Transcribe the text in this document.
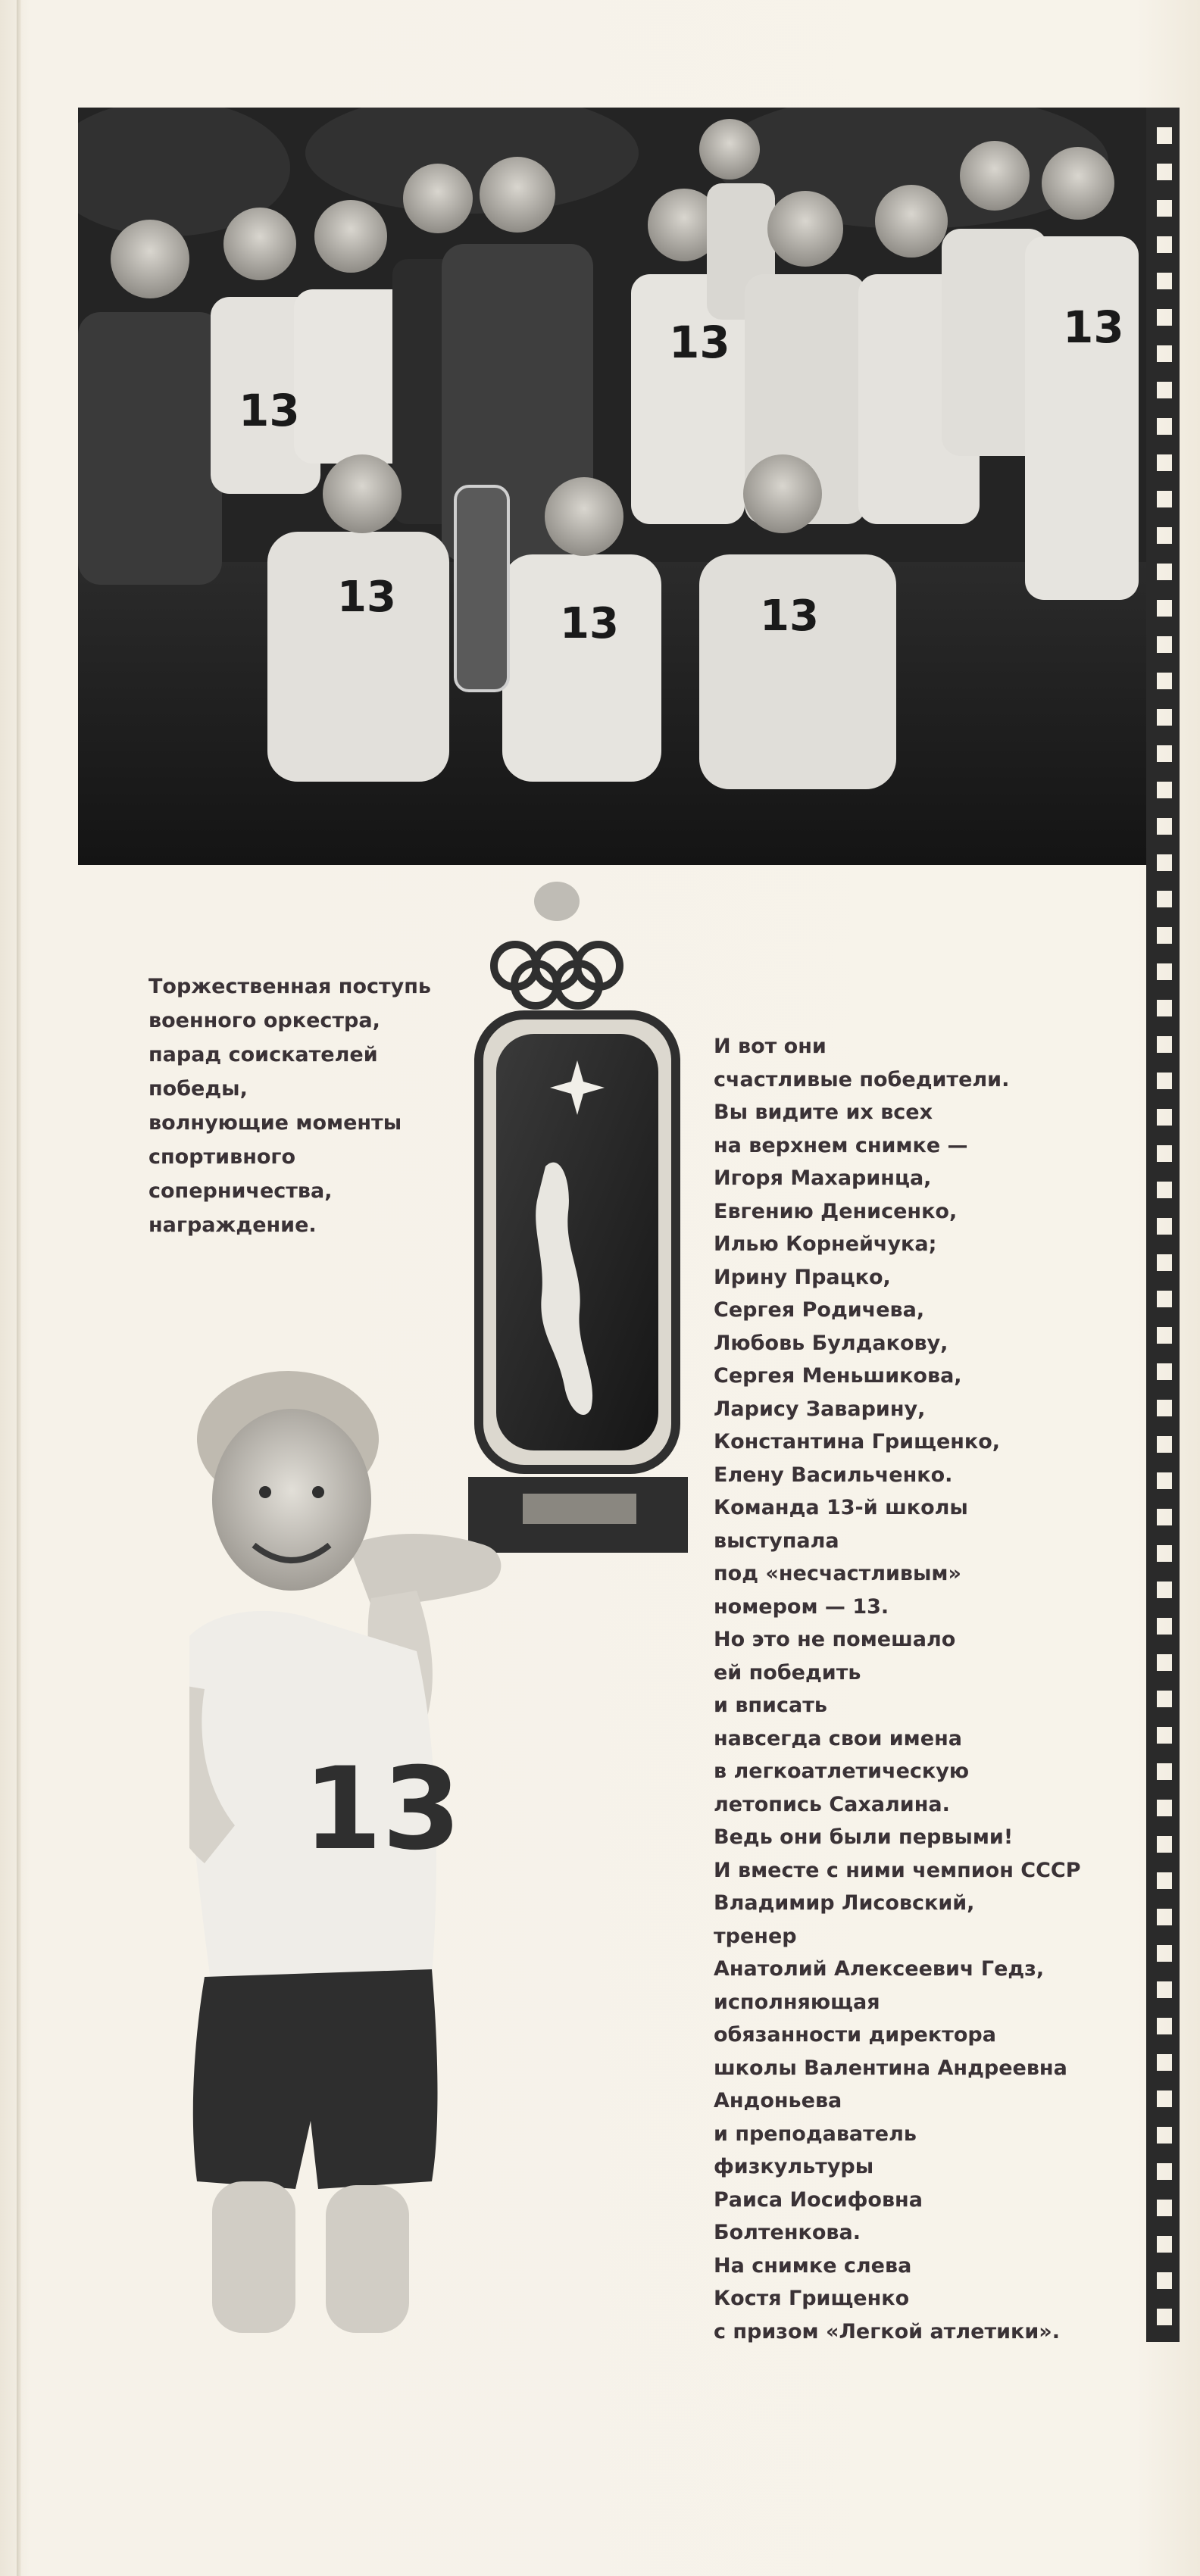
13
13	13
13
13	13
13
Торжественная поступь
военного оркестра,
парад соискателей
победы,
волнующие моменты
спортивного
соперничества,
награждение.
И вот они
счастливые победители.
Вы видите их всех
на верхнем снимке —
Игоря Махаринца,
Евгению Денисенко,
Илью Корнейчука;
Ирину Працко,
Сергея Родичева,
Любовь Булдакову,
Сергея Меньшикова,
Ларису Заварину,
Константина Грищенко,
Елену Васильченко.
Команда 13-й школы
выступала
под «несчастливым»
номером — 13.
Но это не помешало
ей победить
и вписать
навсегда свои имена
в легкоатлетическую
летопись Сахалина.
Ведь они были первыми!
И вместе с ними чемпион СССР
Владимир Лисовский,
тренер
Анатолий Алексеевич Гедз,
исполняющая
обязанности директора
школы Валентина Андреевна
Андоньева
и преподаватель
физкультуры
Раиса Иосифовна
Болтенкова.
На снимке слева
Костя Грищенко
с призом «Легкой атлетики».
